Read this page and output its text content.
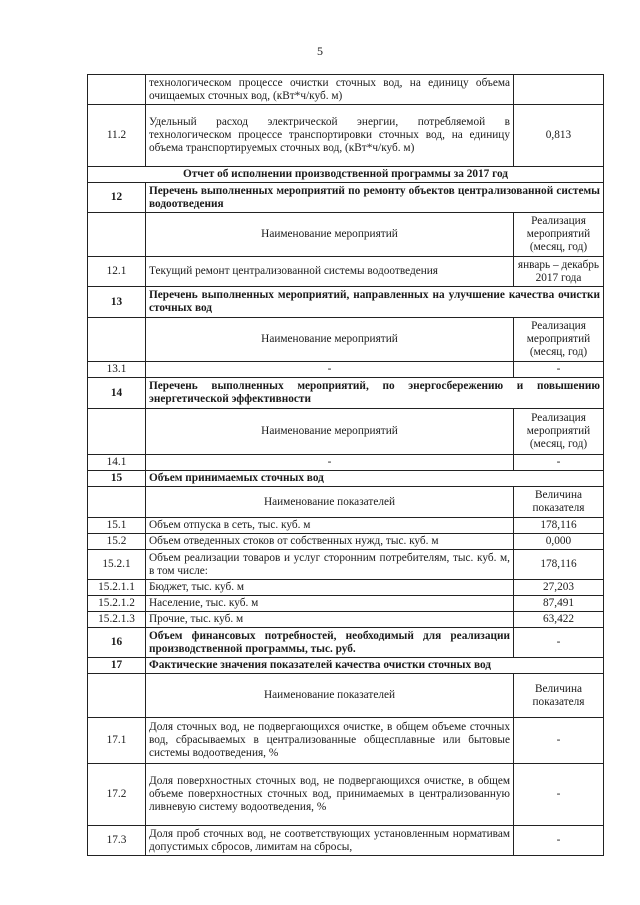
5
	технологическом процессе очистки сточных вод, на единицу объема очищаемых сточных вод, (кВт*ч/куб. м)	
11.2	Удельный расход электрической энергии, потребляемой в технологическом процессе транспортировки сточных вод, на единицу объема транспортируемых сточных вод, (кВт*ч/куб. м)	0,813
Отчет об исполнении производственной программы за 2017 год		
12	Перечень выполненных мероприятий по ремонту объектов централизованной системы водоотведения	
	Наименование мероприятий	Реализация мероприятий (месяц, год)
12.1	Текущий ремонт централизованной системы водоотведения	январь – декабрь 2017 года
13	Перечень выполненных мероприятий, направленных на улучшение качества очистки сточных вод	
	Наименование мероприятий	Реализация мероприятий (месяц, год)
13.1	-	-
14	Перечень выполненных мероприятий, по энергосбережению и повышению энергетической эффективности	
	Наименование мероприятий	Реализация мероприятий (месяц, год)
14.1	-	-
15	Объем принимаемых сточных вод	
	Наименование показателей	Величина показателя
15.1	Объем отпуска в сеть, тыс. куб. м	178,116
15.2	Объем отведенных стоков от собственных нужд, тыс. куб. м	0,000
15.2.1	Объем реализации товаров и услуг сторонним потребителям, тыс. куб. м, в том числе:	178,116
15.2.1.1	Бюджет, тыс. куб. м	27,203
15.2.1.2	Население, тыс. куб. м	87,491
15.2.1.3	Прочие, тыс. куб. м	63,422
16	Объем финансовых потребностей, необходимый для реализации производственной программы, тыс. руб.	-
17	Фактические значения показателей качества очистки сточных вод	
	Наименование показателей	Величина показателя
17.1	Доля сточных вод, не подвергающихся очистке, в общем объеме сточных вод, сбрасываемых в централизованные общесплавные или бытовые системы водоотведения, %	-
17.2	Доля поверхностных сточных вод, не подвергающихся очистке, в общем объеме поверхностных сточных вод, принимаемых в централизованную ливневую систему водоотведения, %	-
17.3	Доля проб сточных вод, не соответствующих установленным нормативам допустимых сбросов, лимитам на сбросы,	-
